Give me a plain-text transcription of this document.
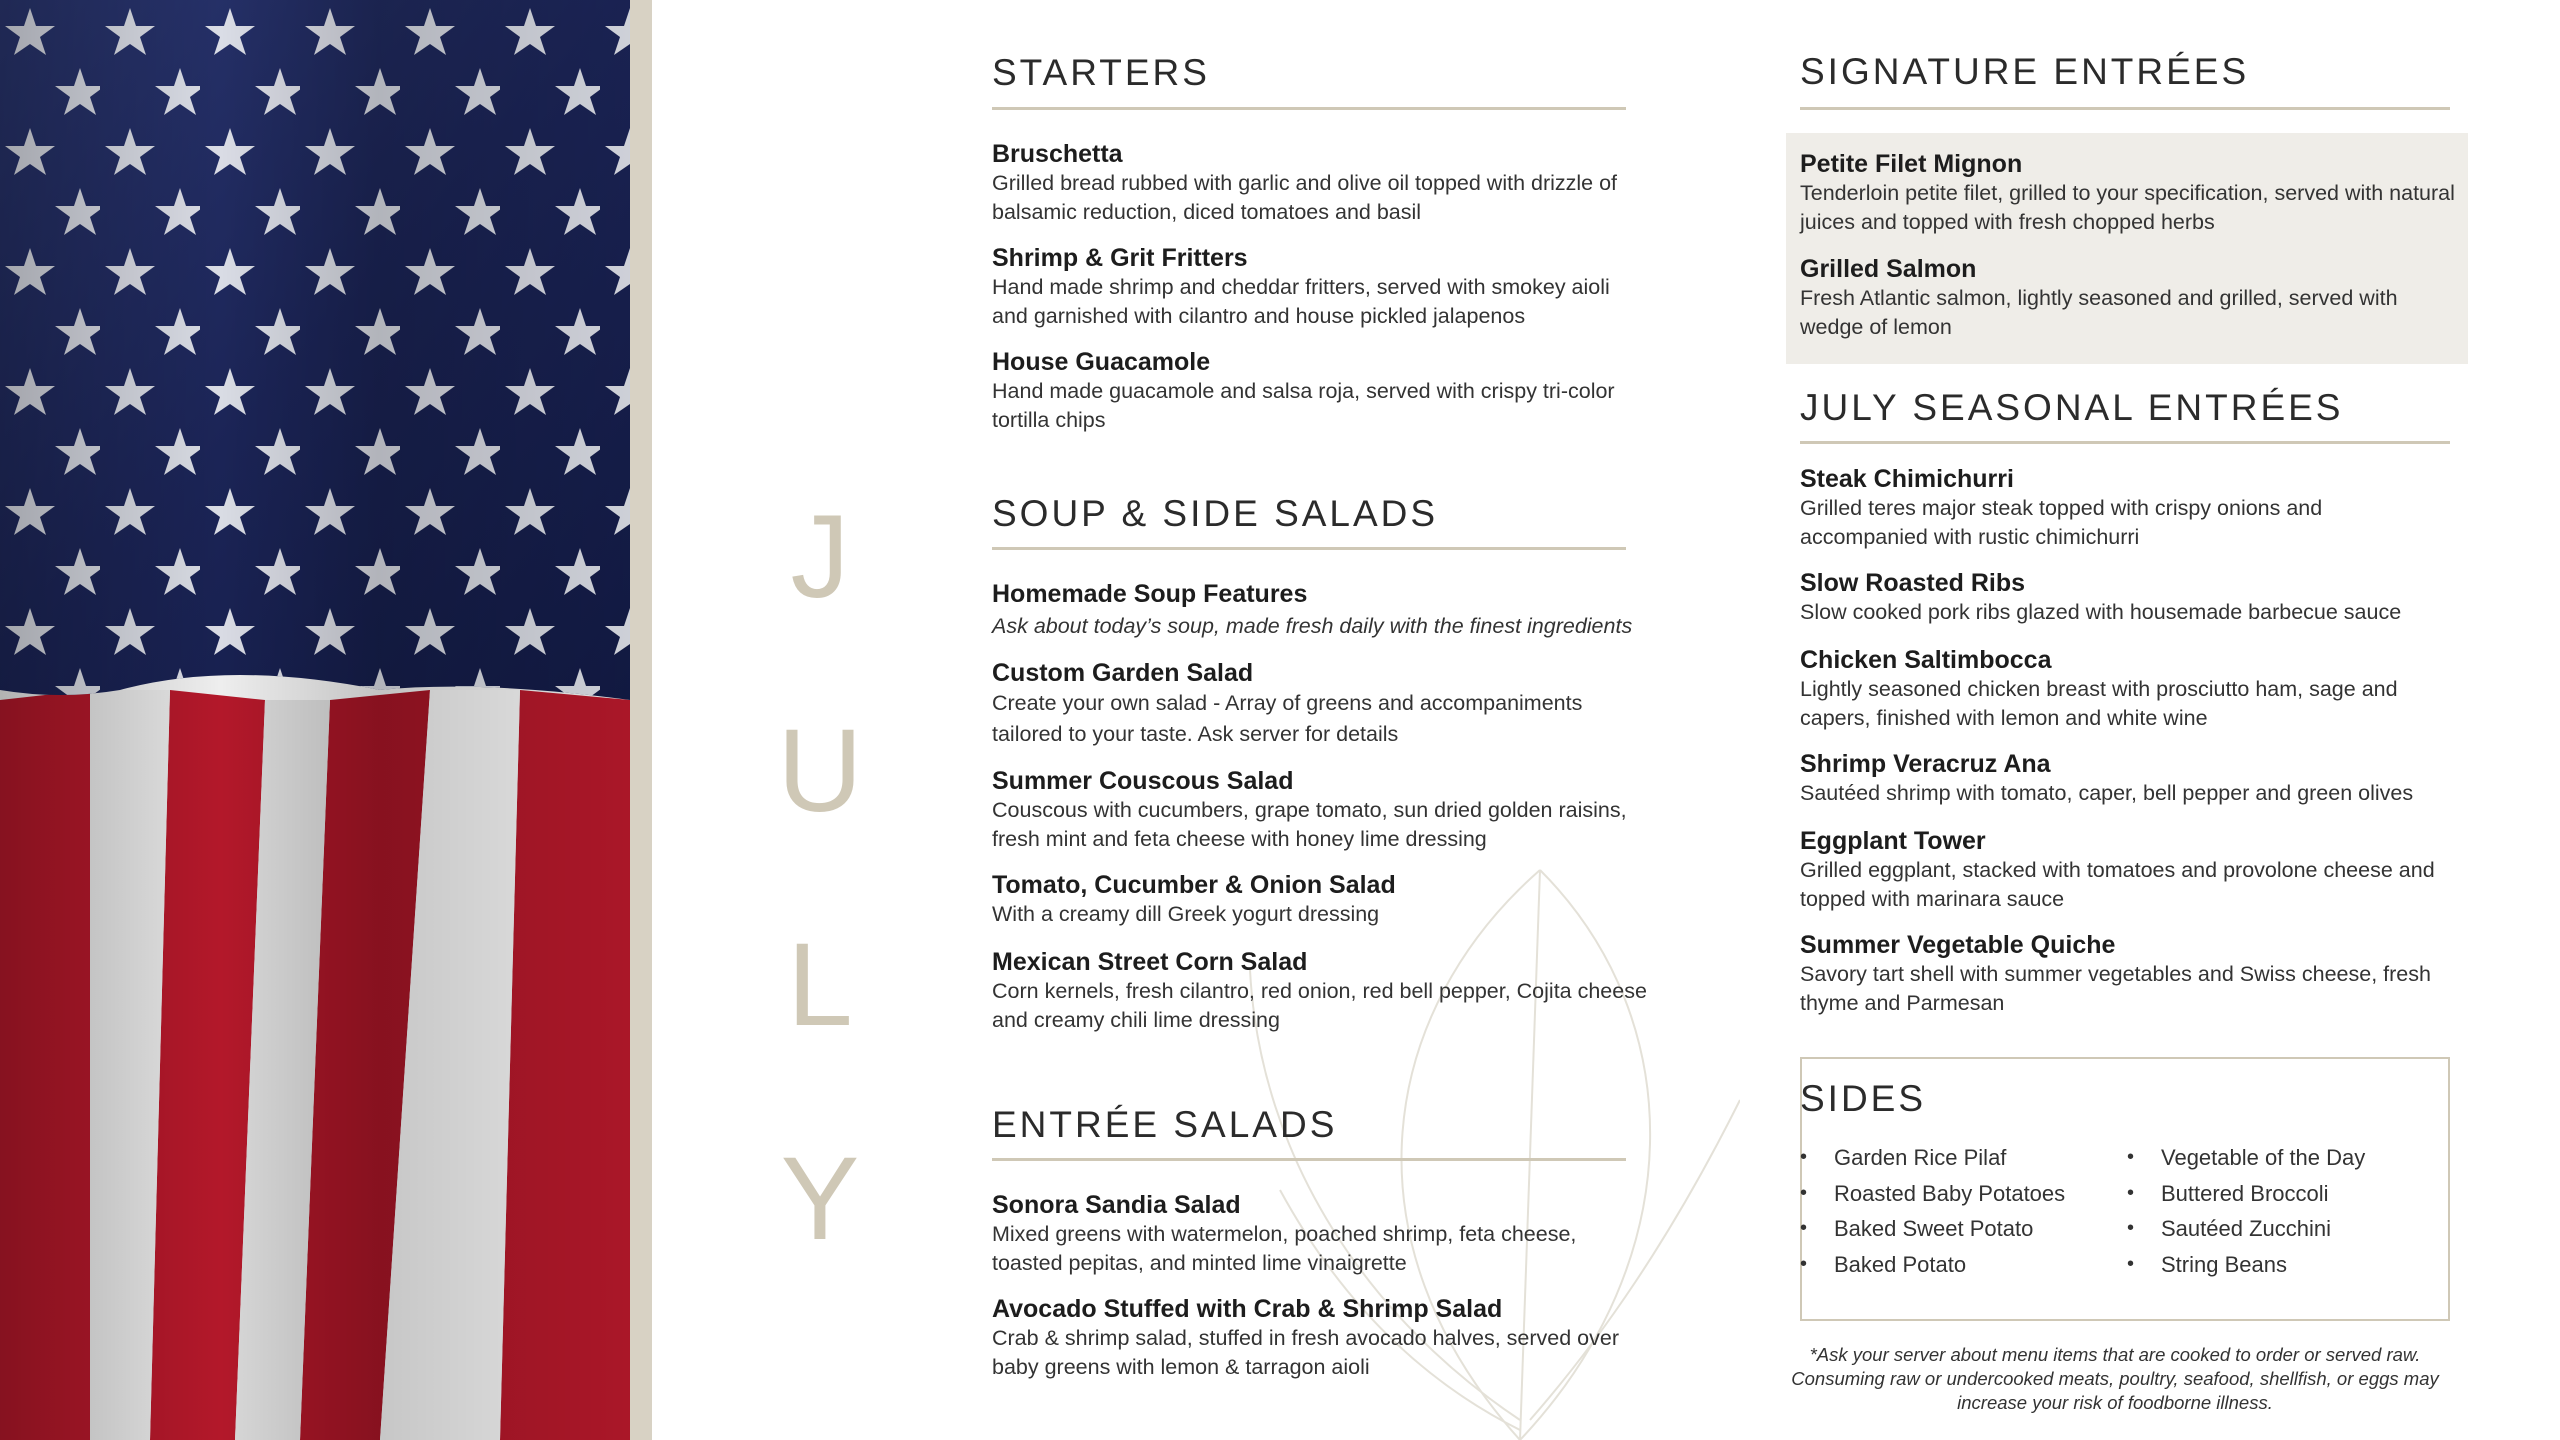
J
U
L
Y
STARTERS
Bruschetta
Grilled bread rubbed with garlic and olive oil topped with drizzle of balsamic reduction, diced tomatoes and basil
Shrimp & Grit Fritters
Hand made shrimp and cheddar fritters, served with smokey aioli and garnished with cilantro and house pickled jalapenos
House Guacamole
Hand made guacamole and salsa roja, served with crispy tri-color tortilla chips
SOUP & SIDE SALADS
Homemade Soup Features
Ask about today’s soup, made fresh daily with the finest ingredients
Custom Garden Salad
Create your own salad - Array of greens and accompaniments tailored to your taste. Ask server for details
Summer Couscous Salad
Couscous with cucumbers, grape tomato, sun dried golden raisins, fresh mint and feta cheese with honey lime dressing
Tomato, Cucumber & Onion Salad
With a creamy dill Greek yogurt dressing
Mexican Street Corn Salad
Corn kernels, fresh cilantro, red onion, red bell pepper, Cojita cheese and creamy chili lime dressing
ENTRÉE SALADS
Sonora Sandia Salad
Mixed greens with watermelon, poached shrimp, feta cheese, toasted pepitas, and minted lime vinaigrette
Avocado Stuffed with Crab & Shrimp Salad
Crab & shrimp salad, stuffed in fresh avocado halves, served over baby greens with lemon & tarragon aioli
SIGNATURE ENTRÉES
Petite Filet Mignon
Tenderloin petite filet, grilled to your specification, served with natural juices and topped with fresh chopped herbs
Grilled Salmon
Fresh Atlantic salmon, lightly seasoned and grilled, served with wedge of lemon
JULY SEASONAL ENTRÉES
Steak Chimichurri
Grilled teres major steak topped with crispy onions and accompanied with rustic chimichurri
Slow Roasted Ribs
Slow cooked pork ribs glazed with housemade barbecue sauce
Chicken Saltimbocca
Lightly seasoned chicken breast with prosciutto ham, sage and capers, finished with lemon and white wine
Shrimp Veracruz Ana
Sautéed shrimp with tomato, caper, bell pepper and green olives
Eggplant Tower
Grilled eggplant, stacked with tomatoes and provolone cheese and topped with marinara sauce
Summer Vegetable Quiche
Savory tart shell with summer vegetables and Swiss cheese, fresh thyme and Parmesan
SIDES
• Garden Rice Pilaf
• Roasted Baby Potatoes
• Baked Sweet Potato
• Baked Potato
• Vegetable of the Day
• Buttered Broccoli
• Sautéed Zucchini
• String Beans
*Ask your server about menu items that are cooked to order or served raw. Consuming raw or undercooked meats, poultry, seafood, shellfish, or eggs may increase your risk of foodborne illness.
